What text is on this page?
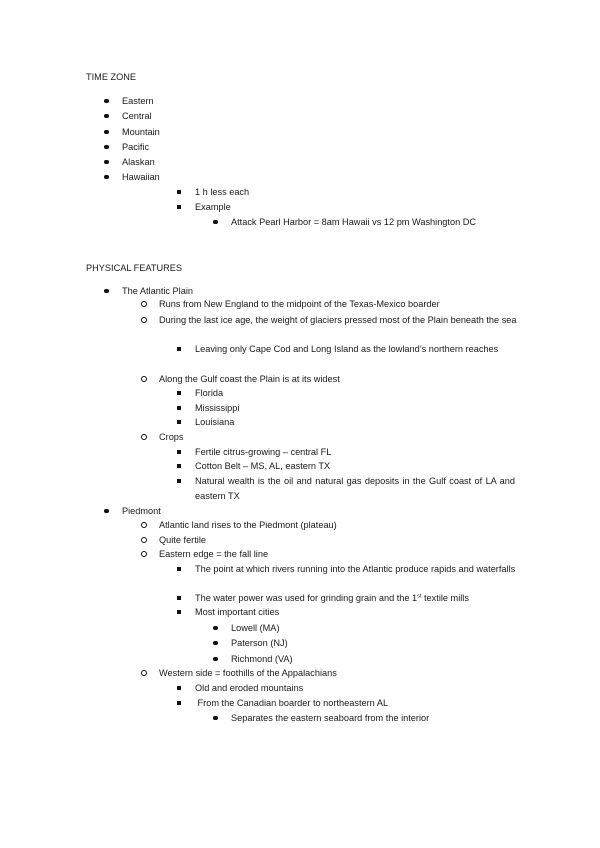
TIME ZONE
Eastern
Central
Mountain
Pacific
Alaskan
Hawaiian
1 h less each
Example
Attack Pearl Harbor = 8am Hawaii vs 12 pm Washington DC
PHYSICAL FEATURES
The Atlantic Plain
Runs from New England to the midpoint of the Texas-Mexico boarder
During the last ice age, the weight of glaciers pressed most of the Plain beneath the sea
Leaving only Cape Cod and Long Island as the lowland’s northern reaches
Along the Gulf coast the Plain is at its widest
Florida
Mississippi
Louisiana
Crops
Fertile citrus-growing – central FL
Cotton Belt – MS, AL, eastern TX
Natural wealth is the oil and natural gas deposits in the Gulf coast of LA and eastern TX
Piedmont
Atlantic land rises to the Piedmont (plateau)
Quite fertile
Eastern edge = the fall line
The point at which rivers running into the Atlantic produce rapids and waterfalls
The water power was used for grinding grain and the 1st textile mills
Most important cities
Lowell (MA)
Paterson (NJ)
Richmond (VA)
Western side = foothills of the Appalachians
Old and eroded mountains
From the Canadian boarder to northeastern AL
Separates the eastern seaboard from the interior
